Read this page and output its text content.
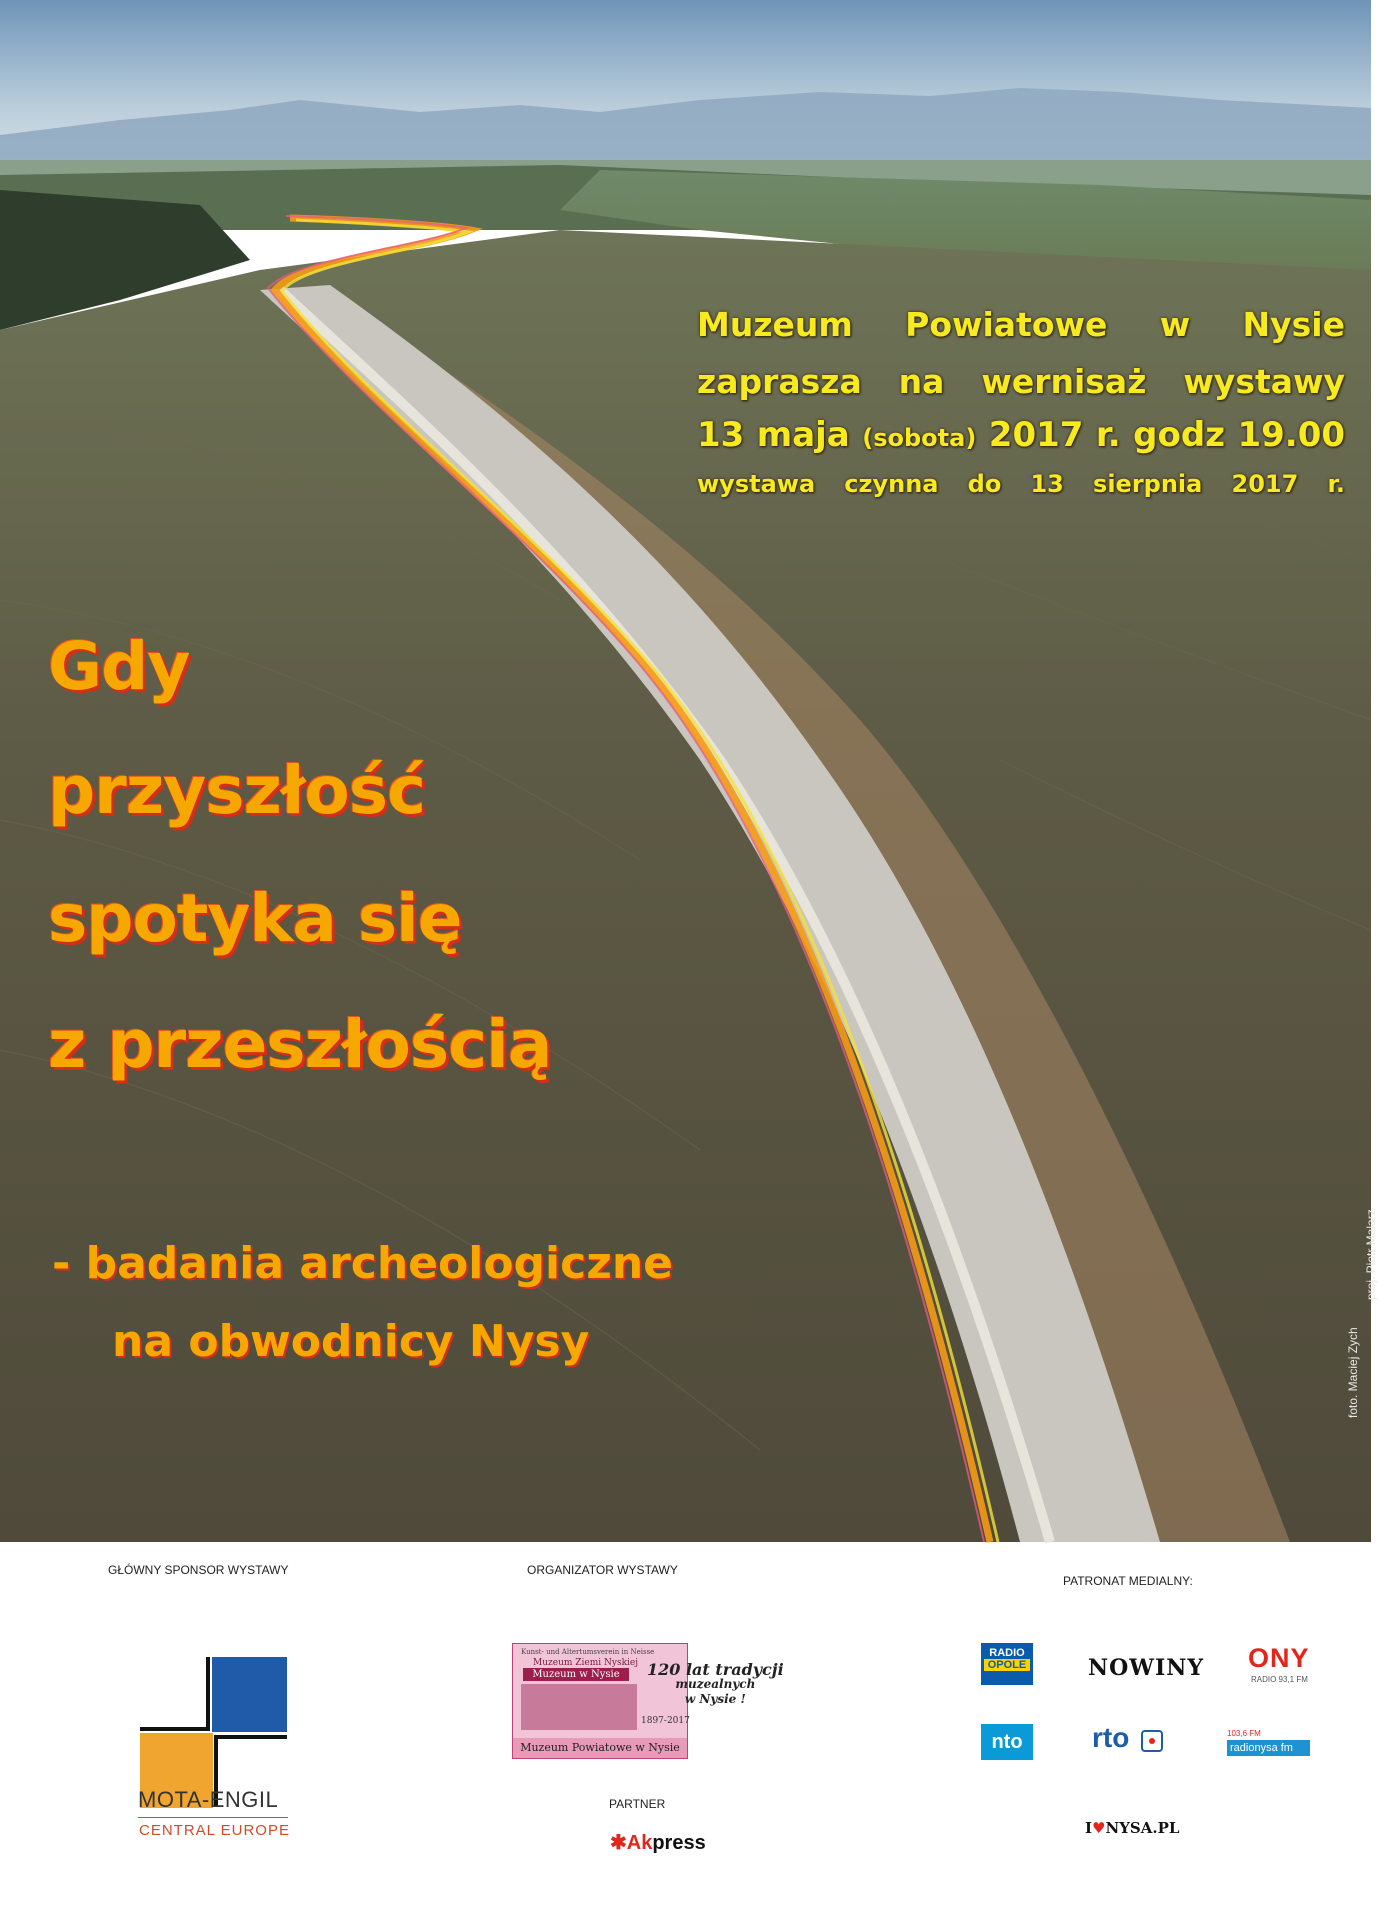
Muzeum Powiatowe w Nysie
zaprasza na wernisaż wystawy
13 maja (sobota) 2017 r. godz 19.00
wystawa czynna do 13 sierpnia 2017 r.
Gdy
przyszłość
spotyka się
z przeszłością
- badania archeologiczne
na obwodnicy Nysy	foto. Maciej Zych
proj. Piotr Malarz
GŁÓWNY SPONSOR WYSTAWY	ORGANIZATOR WYSTAWY
PATRONAT MEDIALNY:
PARTNER
MOTA-ENGIL
CENTRAL EUROPE
Kunst- und Altertumsverein in Neisse
Muzeum Ziemi Nyskiej
Muzeum w Nysie
1897-2017
Muzeum Powiatowe w Nysie
120 lat tradycji
muzealnych
w Nysie !
✱Akpress
RADIO
OPOLE	NOWINY ONY
RADIO 93,1 FM
nto	rto	103,6 FM
radionysa fm
I♥NYSA.PL
